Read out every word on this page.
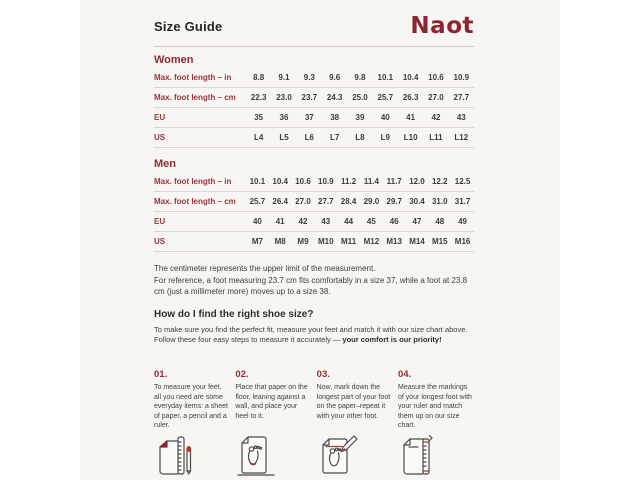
Size Guide	Naot
Women
Max. foot length – in	8.8	9.1	9.3	9.6	9.8	10.1	10.4	10.6	10.9
Max. foot length – cm	22.3	23.0	23.7	24.3	25.0	25.7	26.3	27.0	27.7
EU	35	36	37	38	39	40	41	42	43
US	L4	L5	L6	L7	L8	L9	L10	L11	L12
Men
Max. foot length – in	10.1 10.4 10.6 10.9 11.2 11.4 11.7 12.0 12.2 12.5
Max. foot length – cm	25.7 26.4 27.0 27.7 28.4 29.0 29.7 30.4 31.0 31.7
EU	40	41	42	43	44	45	46	47	48	49
US	M7	M8	M9	M10 M11 M12 M13 M14 M15 M16
The centimeter represents the upper limit of the measurement.
For reference, a foot measuring 23.7 cm fits comfortably in a size 37, while a foot at 23.8 cm (just a millimeter more) moves up to a size 38.
How do I find the right shoe size?
To make sure you find the perfect fit, measure your feet and match it with our size chart above. Follow these four easy steps to measure it accurately — your comfort is our priority!
01.
To measure your feet, all you need are some everyday items: a sheet of paper, a pencil and a ruler.
02.
Place that paper on the floor, leaning against a wall, and place your heel to it.
03.
Now, mark down the longest part of your foot on the paper–repeat it with your other foot.
04.
Measure the markings of your longest foot with your ruler and match them up on our size chart.
